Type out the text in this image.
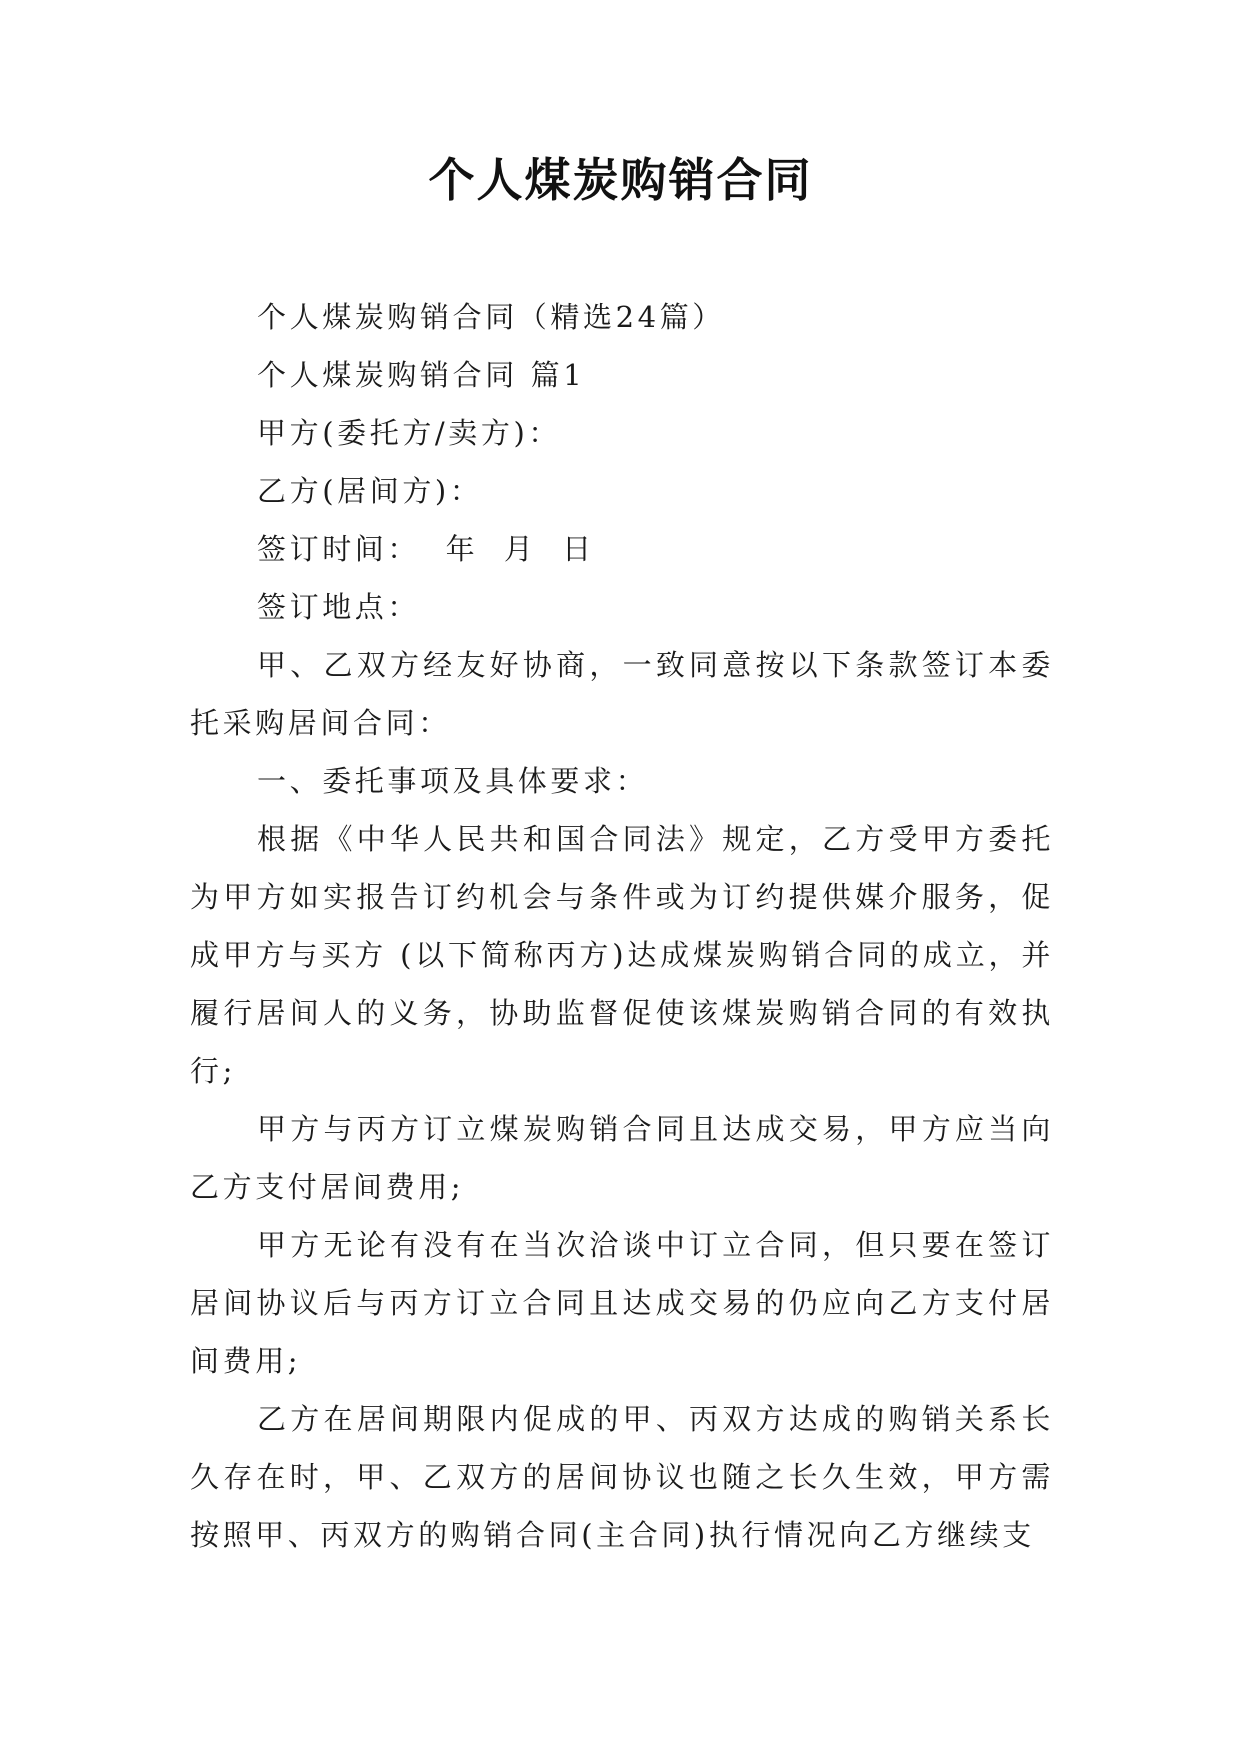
个人煤炭购销合同

个人煤炭购销合同（精选24篇）

个人煤炭购销合同 篇1

甲方(委托方/卖方)：

乙方(居间方)：

签订时间：  年  月  日

签订地点：

甲、乙双方经友好协商，一致同意按以下条款签订本委托采购居间合同：

一、委托事项及具体要求：

根据《中华人民共和国合同法》规定，乙方受甲方委托为甲方如实报告订约机会与条件或为订约提供媒介服务，促成甲方与买方 (以下简称丙方)达成煤炭购销合同的成立，并履行居间人的义务，协助监督促使该煤炭购销合同的有效执行;

甲方与丙方订立煤炭购销合同且达成交易，甲方应当向乙方支付居间费用;

甲方无论有没有在当次洽谈中订立合同，但只要在签订居间协议后与丙方订立合同且达成交易的仍应向乙方支付居间费用;

乙方在居间期限内促成的甲、丙双方达成的购销关系长久存在时，甲、乙双方的居间协议也随之长久生效，甲方需按照甲、丙双方的购销合同(主合同)执行情况向乙方继续支
